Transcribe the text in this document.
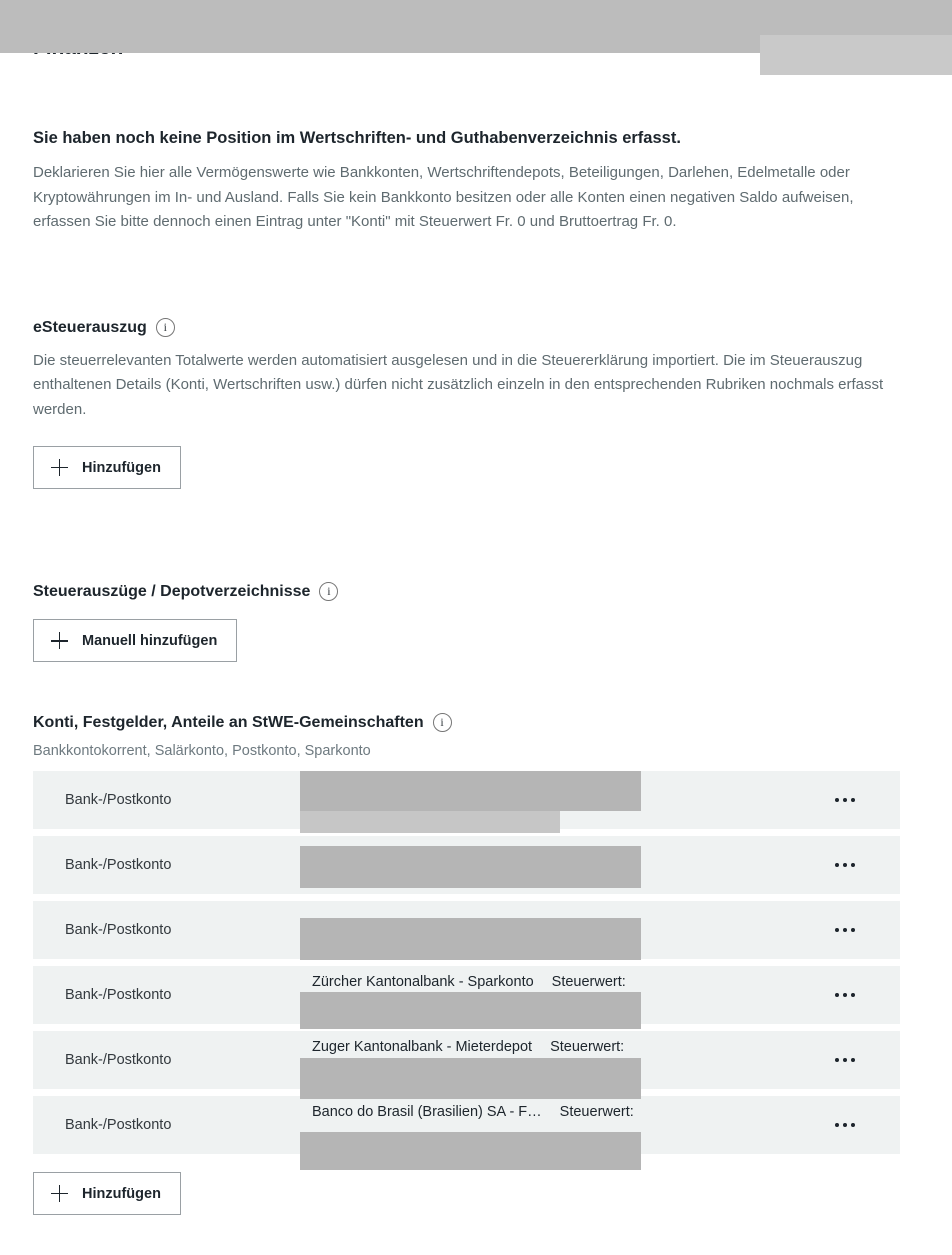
Sie haben noch keine Position im Wertschriften- und Guthabenverzeichnis erfasst.

Deklarieren Sie hier alle Vermögenswerte wie Bankkonten, Wertschriftendepots, Beteiligungen, Darlehen, Edelmetalle oder Kryptowährungen im In- und Ausland. Falls Sie kein Bankkonto besitzen oder alle Konten einen negativen Saldo aufweisen, erfassen Sie bitte dennoch einen Eintrag unter "Konti" mit Steuerwert Fr. 0 und Bruttoertrag Fr. 0.

eSteuerauszug	i
Die steuerrelevanten Totalwerte werden automatisiert ausgelesen und in die Steuererklärung importiert. Die im Steuerauszug enthaltenen Details (Konti, Wertschriften usw.) dürfen nicht zusätzlich einzeln in den entsprechenden Rubriken nochmals erfasst werden.
Hinzufügen
Steuerauszüge / Depotverzeichnisse	i
Manuell hinzufügen
Konti, Festgelder, Anteile an StWE-Gemeinschaften	i
Bankkontokorrent, Salärkonto, Postkonto, Sparkonto
Bank-/Postkonto
Bank-/Postkonto
Bank-/Postkonto
Bank-/Postkonto
Zürcher Kantonalbank - Sparkonto Steuerwert:
Bank-/Postkonto
Zuger Kantonalbank - Mieterdepot Steuerwert:
Bank-/Postkonto
Banco do Brasil (Brasilien) SA - F… Steuerwert:
Hinzufügen
